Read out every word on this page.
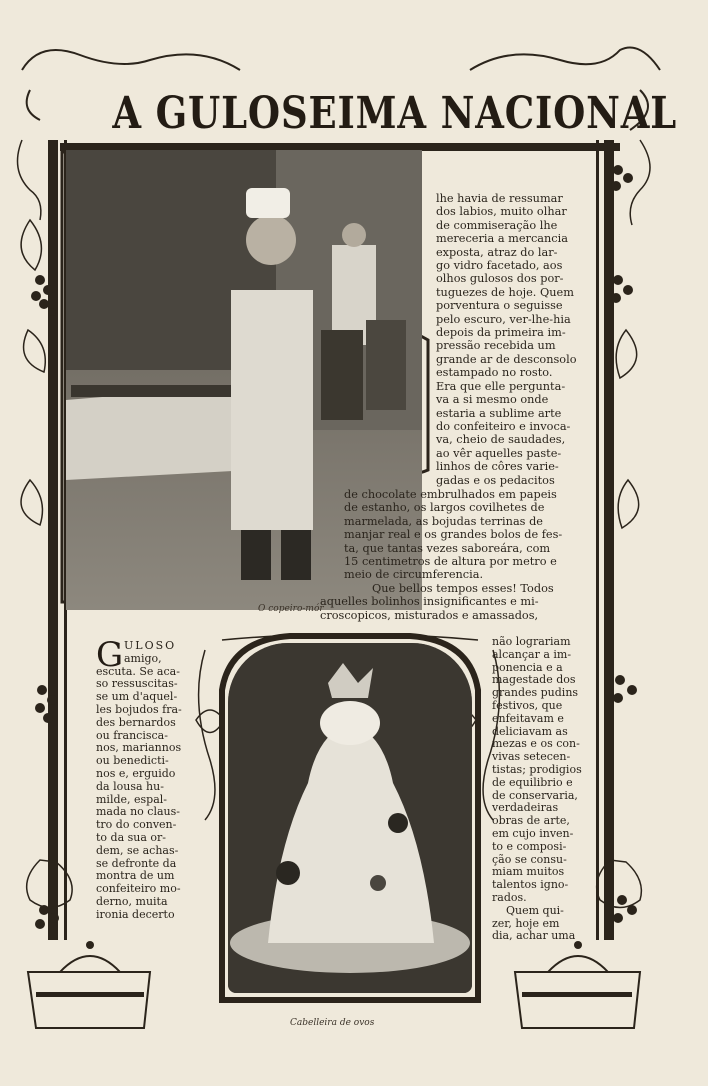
A GULOSEIMA NACIONAL
O copeiro-mór
Cabelleira de ovos
lhe havia de ressumar
dos labios, muito olhar
de commiseração lhe
mereceria a mercancia
exposta, atraz do lar-
go vidro facetado, aos
olhos gulosos dos por-
tuguezes de hoje. Quem
porventura o seguisse
pelo escuro, ver-lhe-hia
depois da primeira im-
pressão recebida um
grande ar de desconsolo
estampado no rosto.
Era que elle pergunta-
va a si mesmo onde
estaria a sublime arte
do confeiteiro e invoca-
va, cheio de saudades,
ao vêr aquelles paste-
linhos de côres varie-
gadas e os pedacitos
de chocolate embrulhados em papeis
de estanho, os largos covilhetes de
marmelada, as bojudas terrinas de
manjar real e os grandes bolos de fes-
ta, que tantas vezes saboreára, com
15 centimetros de altura por metro e
meio de circumferencia.
Que bellos tempos esses! Todos
aquelles bolinhos insignificantes e mi-
croscopicos, misturados e amassados,
G ULOSO
amigo,
escuta. Se aca-
so ressuscitas-
se um d'aquel-
les bojudos fra-
des bernardos
ou franciscа-
nos, mariannos
ou benedicti-
nos e, erguido
da lousa hu-
milde, espal-
mada no claus-
tro do conven-
to da sua or-
dem, se achas-
se defronte da
montra de um
confeiteiro mo-
derno, muita
ironia decerto
não lograriam
alcançar a im-
ponencia e a
magestade dos
grandes pudins
festivos, que
enfeitavam e
deliciavam as
mezas e os con-
vivas setecen-
tistas; prodigios
de equilibrio e
de conservaria,
verdadeiras
obras de arte,
em cujo inven-
to e composi-
ção se consu-
miam muitos
talentos igno-
rados.
Quem qui-
zer, hoje em
dia, achar uma
